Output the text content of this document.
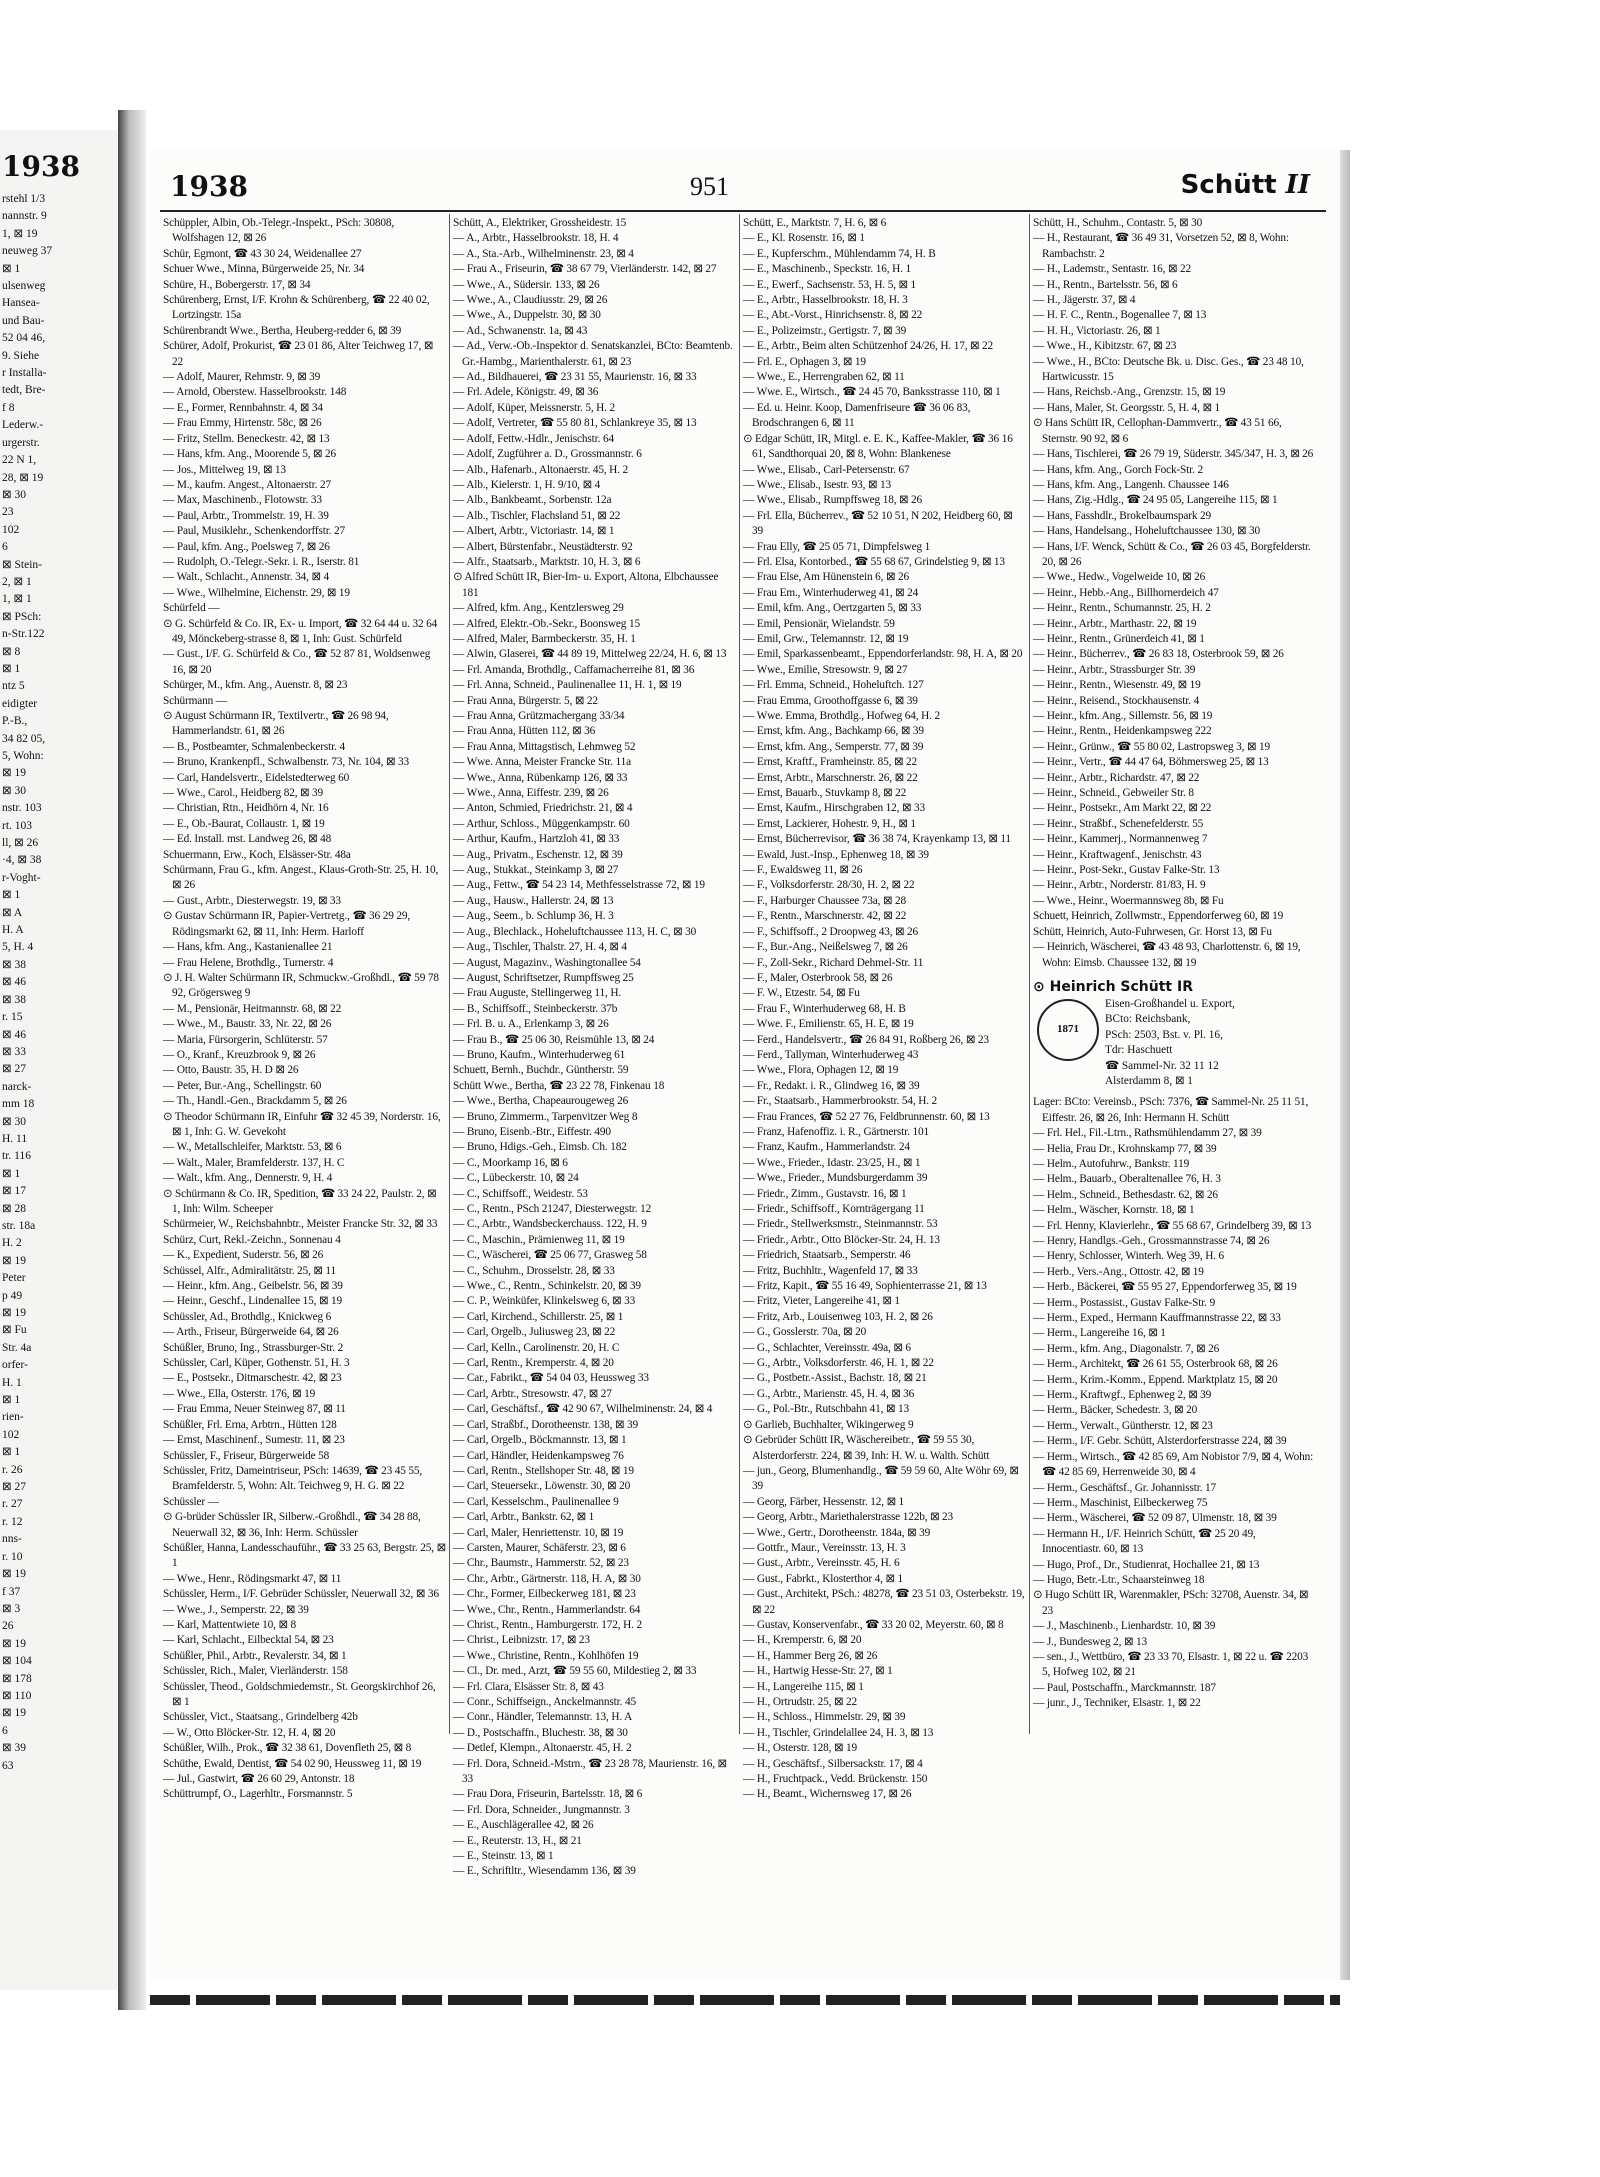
1938
rstehl 1/3
nannstr. 9
1, ⊠ 19
neuweg 37
⊠ 1
ulsenweg
Hansea-
und Bau-
52 04 46,
9. Siehe
r Installa-
tedt, Bre-
f 8
Lederw.-
urgerstr.
22 N 1,
28, ⊠ 19
⊠ 30
23
102
6
⊠ Stein-
2, ⊠ 1
1, ⊠ 1
⊠ PSch:
n-Str.122
⊠ 8
⊠ 1
ntz 5
eidigter
P.-B.,
34 82 05,
5, Wohn:
⊠ 19
⊠ 30
nstr. 103
rt. 103
ll, ⊠ 26
·4, ⊠ 38
r-Voght-
⊠ 1
⊠ A
H. A
5, H. 4
⊠ 38
⊠ 46
⊠ 38
r. 15
⊠ 46
⊠ 33
⊠ 27
narck-
mm 18
⊠ 30
H. 11
tr. 116
⊠ 1
⊠ 17
⊠ 28
str. 18a
H. 2
⊠ 19
Peter
p 49
⊠ 19
⊠ Fu
Str. 4a
orfer-
H. 1
⊠ 1
rien-
102
⊠ 1
r. 26
⊠ 27
r. 27
r. 12
nns-
r. 10
⊠ 19
f 37
⊠ 3
26
⊠ 19
⊠ 104
⊠ 178
⊠ 110
⊠ 19
6
⊠ 39
63
1938	951	Schütt II
Schüppler, Albin, Ob.-Telegr.-Inspekt., PSch: 30808, Wolfshagen 12, ⊠ 26
Schür, Egmont, ☎ 43 30 24, Weidenallee 27
Schuer Wwe., Minna, Bürgerweide 25, Nr. 34
Schüre, H., Bobergerstr. 17, ⊠ 34
Schürenberg, Ernst, I/F. Krohn & Schürenberg, ☎ 22 40 02, Lortzingstr. 15a
Schürenbrandt Wwe., Bertha, Heuberg-redder 6, ⊠ 39
Schürer, Adolf, Prokurist, ☎ 23 01 86, Alter Teichweg 17, ⊠ 22
— Adolf, Maurer, Rehmstr. 9, ⊠ 39
— Arnold, Oberstew. Hasselbrookstr. 148
— E., Former, Rennbahnstr. 4, ⊠ 34
— Frau Emmy, Hirtenstr. 58c, ⊠ 26
— Fritz, Stellm. Beneckestr. 42, ⊠ 13
— Hans, kfm. Ang., Moorende 5, ⊠ 26
— Jos., Mittelweg 19, ⊠ 13
— M., kaufm. Angest., Altonaerstr. 27
— Max, Maschinenb., Flotowstr. 33
— Paul, Arbtr., Trommelstr. 19, H. 39
— Paul, Musiklehr., Schenkendorffstr. 27
— Paul, kfm. Ang., Poelsweg 7, ⊠ 26
— Rudolph, O.-Telegr.-Sekr. i. R., Iserstr. 81
— Walt., Schlacht., Annenstr. 34, ⊠ 4
— Wwe., Wilhelmine, Eichenstr. 29, ⊠ 19
Schürfeld —
⊙ G. Schürfeld & Co. IR, Ex- u. Import, ☎ 32 64 44 u. 32 64 49, Mönckeberg-strasse 8, ⊠ 1, Inh: Gust. Schürfeld
— Gust., I/F. G. Schürfeld & Co., ☎ 52 87 81, Woldsenweg 16, ⊠ 20
Schürger, M., kfm. Ang., Auenstr. 8, ⊠ 23
Schürmann —
⊙ August Schürmann IR, Textilvertr., ☎ 26 98 94, Hammerlandstr. 61, ⊠ 26
— B., Postbeamter, Schmalenbeckerstr. 4
— Bruno, Krankenpfl., Schwalbenstr. 73, Nr. 104, ⊠ 33
— Carl, Handelsvertr., Eidelstedterweg 60
— Wwe., Carol., Heidberg 82, ⊠ 39
— Christian, Rtn., Heidhörn 4, Nr. 16
— E., Ob.-Baurat, Collaustr. 1, ⊠ 19
— Ed. Install. mst. Landweg 26, ⊠ 48
Schuermann, Erw., Koch, Elsässer-Str. 48a
Schürmann, Frau G., kfm. Angest., Klaus-Groth-Str. 25, H. 10, ⊠ 26
— Gust., Arbtr., Diesterwegstr. 19, ⊠ 33
⊙ Gustav Schürmann IR, Papier-Vertretg., ☎ 36 29 29, Rödingsmarkt 62, ⊠ 11, Inh: Herm. Harloff
— Hans, kfm. Ang., Kastanienallee 21
— Frau Helene, Brothdlg., Turnerstr. 4
⊙ J. H. Walter Schürmann IR, Schmuckw.-Großhdl., ☎ 59 78 92, Grögersweg 9
— M., Pensionär, Heitmannstr. 68, ⊠ 22
— Wwe., M., Baustr. 33, Nr. 22, ⊠ 26
— Maria, Fürsorgerin, Schlüterstr. 57
— O., Kranf., Kreuzbrook 9, ⊠ 26
— Otto, Baustr. 35, H. D ⊠ 26
— Peter, Bur.-Ang., Schellingstr. 60
— Th., Handl.-Gen., Brackdamm 5, ⊠ 26
⊙ Theodor Schürmann IR, Einfuhr ☎ 32 45 39, Norderstr. 16, ⊠ 1, Inh: G. W. Gevekoht
— W., Metallschleifer, Marktstr. 53, ⊠ 6
— Walt., Maler, Bramfelderstr. 137, H. C
— Walt., kfm. Ang., Dennerstr. 9, H. 4
⊙ Schürmann & Co. IR, Spedition, ☎ 33 24 22, Paulstr. 2, ⊠ 1, Inh: Wilm. Scheeper
Schürmeier, W., Reichsbahnbtr., Meister Francke Str. 32, ⊠ 33
Schürz, Curt, Rekl.-Zeichn., Sonnenau 4
— K., Expedient, Suderstr. 56, ⊠ 26
Schüssel, Alfr., Admiralitätstr. 25, ⊠ 11
— Heinr., kfm. Ang., Geibelstr. 56, ⊠ 39
— Heinr., Geschf., Lindenallee 15, ⊠ 19
Schüssler, Ad., Brothdlg., Knickweg 6
— Arth., Friseur, Bürgerweide 64, ⊠ 26
Schüßler, Bruno, Ing., Strassburger-Str. 2
Schüssler, Carl, Küper, Gothenstr. 51, H. 3
— E., Postsekr., Ditmarschestr. 42, ⊠ 23
— Wwe., Ella, Osterstr. 176, ⊠ 19
— Frau Emma, Neuer Steinweg 87, ⊠ 11
Schüßler, Frl. Erna, Arbtrn., Hütten 128
— Ernst, Maschinenf., Sumestr. 11, ⊠ 23
Schüssler, F., Friseur, Bürgerweide 58
Schüssler, Fritz, Dameintriseur, PSch: 14639, ☎ 23 45 55, Bramfelderstr. 5, Wohn: Alt. Teichweg 9, H. G. ⊠ 22
Schüssler —
⊙ G-brüder Schüssler IR, Silberw.-Großhdl., ☎ 34 28 88, Neuerwall 32, ⊠ 36, Inh: Herm. Schüssler
Schüßler, Hanna, Landesschauführ., ☎ 33 25 63, Bergstr. 25, ⊠ 1
— Wwe., Henr., Rödingsmarkt 47, ⊠ 11
Schüssler, Herm., I/F. Gebrüder Schüssler, Neuerwall 32, ⊠ 36
— Wwe., J., Semperstr. 22, ⊠ 39
— Karl, Mattentwiete 10, ⊠ 8
— Karl, Schlacht., Eilbecktal 54, ⊠ 23
Schüßler, Phil., Arbtr., Revalerstr. 34, ⊠ 1
Schüssler, Rich., Maler, Vierländerstr. 158
Schüssler, Theod., Goldschmiedemstr., St. Georgskirchhof 26, ⊠ 1
Schüssler, Vict., Staatsang., Grindelberg 42b
— W., Otto Blöcker-Str. 12, H. 4, ⊠ 20
Schüßler, Wilh., Prok., ☎ 32 38 61, Dovenfleth 25, ⊠ 8
Schüthe, Ewald, Dentist, ☎ 54 02 90, Heussweg 11, ⊠ 19
— Jul., Gastwirt, ☎ 26 60 29, Antonstr. 18
Schüttrumpf, O., Lagerhltr., Forsmannstr. 5
Schütt, A., Elektriker, Grossheidestr. 15
— A., Arbtr., Hasselbrookstr. 18, H. 4
— A., Sta.-Arb., Wilhelminenstr. 23, ⊠ 4
— Frau A., Friseurin, ☎ 38 67 79, Vierländerstr. 142, ⊠ 27
— Wwe., A., Südersir. 133, ⊠ 26
— Wwe., A., Claudiusstr. 29, ⊠ 26
— Wwe., A., Duppelstr. 30, ⊠ 30
— Ad., Schwanenstr. 1a, ⊠ 43
— Ad., Verw.-Ob.-Inspektor d. Senatskanzlei, BCto: Beamtenb. Gr.-Hambg., Marienthalerstr. 61, ⊠ 23
— Ad., Bildhauerei, ☎ 23 31 55, Maurienstr. 16, ⊠ 33
— Frl. Adele, Königstr. 49, ⊠ 36
— Adolf, Küper, Meissnerstr. 5, H. 2
— Adolf, Vertreter, ☎ 55 80 81, Schlankreye 35, ⊠ 13
— Adolf, Fettw.-Hdlr., Jenischstr. 64
— Adolf, Zugführer a. D., Grossmannstr. 6
— Alb., Hafenarb., Altonaerstr. 45, H. 2
— Alb., Kielerstr. 1, H. 9/10, ⊠ 4
— Alb., Bankbeamt., Sorbenstr. 12a
— Alb., Tischler, Flachsland 51, ⊠ 22
— Albert, Arbtr., Victoriastr. 14, ⊠ 1
— Albert, Bürstenfabr., Neustädterstr. 92
— Alfr., Staatsarb., Marktstr. 10, H. 3, ⊠ 6
⊙ Alfred Schütt IR, Bier-Im- u. Export, Altona, Elbchaussee 181
— Alfred, kfm. Ang., Kentzlersweg 29
— Alfred, Elektr.-Ob.-Sekr., Boonsweg 15
— Alfred, Maler, Barmbeckerstr. 35, H. 1
— Alwin, Glaserei, ☎ 44 89 19, Mittelweg 22/24, H. 6, ⊠ 13
— Frl. Amanda, Brothdlg., Caffamacherreihe 81, ⊠ 36
— Frl. Anna, Schneid., Paulinenallee 11, H. 1, ⊠ 19
— Frau Anna, Bürgerstr. 5, ⊠ 22
— Frau Anna, Grützmachergang 33/34
— Frau Anna, Hütten 112, ⊠ 36
— Frau Anna, Mittagstisch, Lehmweg 52
— Wwe. Anna, Meister Francke Str. 11a
— Wwe., Anna, Rübenkamp 126, ⊠ 33
— Wwe., Anna, Eiffestr. 239, ⊠ 26
— Anton, Schmied, Friedrichstr. 21, ⊠ 4
— Arthur, Schloss., Müggenkampstr. 60
— Arthur, Kaufm., Hartzloh 41, ⊠ 33
— Aug., Privatm., Eschenstr. 12, ⊠ 39
— Aug., Stukkat., Steinkamp 3, ⊠ 27
— Aug., Fettw., ☎ 54 23 14, Methfesselstrasse 72, ⊠ 19
— Aug., Hausw., Hallerstr. 24, ⊠ 13
— Aug., Seem., b. Schlump 36, H. 3
— Aug., Blechlack., Hoheluftchaussee 113, H. C, ⊠ 30
— Aug., Tischler, Thalstr. 27, H. 4, ⊠ 4
— August, Magazinv., Washingtonallee 54
— August, Schriftsetzer, Rumpffsweg 25
— Frau Auguste, Stellingerweg 11, H.
— B., Schiffsoff., Steinbeckerstr. 37b
— Frl. B. u. A., Erlenkamp 3, ⊠ 26
— Frau B., ☎ 25 06 30, Reismühle 13, ⊠ 24
— Bruno, Kaufm., Winterhuderweg 61
Schuett, Bernh., Buchdr., Güntherstr. 59
Schütt Wwe., Bertha, ☎ 23 22 78, Finkenau 18
— Wwe., Bertha, Chapeaurougeweg 26
— Bruno, Zimmerm., Tarpenvitzer Weg 8
— Bruno, Eisenb.-Btr., Eiffestr. 490
— Bruno, Hdigs.-Geh., Eimsb. Ch. 182
— C., Moorkamp 16, ⊠ 6
— C., Lübeckerstr. 10, ⊠ 24
— C., Schiffsoff., Weidestr. 53
— C., Rentn., PSch 21247, Diesterwegstr. 12
— C., Arbtr., Wandsbeckerchauss. 122, H. 9
— C., Maschin., Prämienweg 11, ⊠ 19
— C., Wäscherei, ☎ 25 06 77, Grasweg 58
— C., Schuhm., Drosselstr. 28, ⊠ 33
— Wwe., C., Rentn., Schinkelstr. 20, ⊠ 39
— C. P., Weinküfer, Klinkelsweg 6, ⊠ 33
— Carl, Kirchend., Schillerstr. 25, ⊠ 1
— Carl, Orgelb., Juliusweg 23, ⊠ 22
— Carl, Kelln., Carolinenstr. 20, H. C
— Carl, Rentn., Kremperstr. 4, ⊠ 20
— Car., Fabrikt., ☎ 54 04 03, Heussweg 33
— Carl, Arbtr., Stresowstr. 47, ⊠ 27
— Carl, Geschäftsf., ☎ 42 90 67, Wilhelminenstr. 24, ⊠ 4
— Carl, Straßbf., Dorotheenstr. 138, ⊠ 39
— Carl, Orgelb., Böckmannstr. 13, ⊠ 1
— Carl, Händler, Heidenkampsweg 76
— Carl, Rentn., Stellshoper Str. 48, ⊠ 19
— Carl, Steuersekr., Löwenstr. 30, ⊠ 20
— Carl, Kesselschm., Paulinenallee 9
— Carl, Arbtr., Bankstr. 62, ⊠ 1
— Carl, Maler, Henriettenstr. 10, ⊠ 19
— Carsten, Maurer, Schäferstr. 23, ⊠ 6
— Chr., Baumstr., Hammerstr. 52, ⊠ 23
— Chr., Arbtr., Gärtnerstr. 118, H. A, ⊠ 30
— Chr., Former, Eilbeckerweg 181, ⊠ 23
— Wwe., Chr., Rentn., Hammerlandstr. 64
— Christ., Rentn., Hamburgerstr. 172, H. 2
— Christ., Leibnizstr. 17, ⊠ 23
— Wwe., Christine, Rentn., Kohlhöfen 19
— Cl., Dr. med., Arzt, ☎ 59 55 60, Mildestieg 2, ⊠ 33
— Frl. Clara, Elsässer Str. 8, ⊠ 43
— Conr., Schiffseign., Anckelmannstr. 45
— Conr., Händler, Telemannstr. 13, H. A
— D., Postschaffn., Bluchestr. 38, ⊠ 30
— Detlef, Klempn., Altonaerstr. 45, H. 2
— Frl. Dora, Schneid.-Mstrn., ☎ 23 28 78, Maurienstr. 16, ⊠ 33
— Frau Dora, Friseurin, Bartelsstr. 18, ⊠ 6
— Frl. Dora, Schneider., Jungmannstr. 3
— E., Auschlägerallee 42, ⊠ 26
— E., Reuterstr. 13, H., ⊠ 21
— E., Steinstr. 13, ⊠ 1
— E., Schriftltr., Wiesendamm 136, ⊠ 39
Schütt, E., Marktstr. 7, H. 6, ⊠ 6
— E., Kl. Rosenstr. 16, ⊠ 1
— E., Kupferschm., Mühlendamm 74, H. B
— E., Maschinenb., Speckstr. 16, H. 1
— E., Ewerf., Sachsenstr. 53, H. 5, ⊠ 1
— E., Arbtr., Hasselbrookstr. 18, H. 3
— E., Abt.-Vorst., Hinrichsenstr. 8, ⊠ 22
— E., Polizeimstr., Gertigstr. 7, ⊠ 39
— E., Arbtr., Beim alten Schützenhof 24/26, H. 17, ⊠ 22
— Frl. E., Ophagen 3, ⊠ 19
— Wwe., E., Herrengraben 62, ⊠ 11
— Wwe. E., Wirtsch., ☎ 24 45 70, Banksstrasse 110, ⊠ 1
— Ed. u. Heinr. Koop, Damenfriseure ☎ 36 06 83, Brodschrangen 6, ⊠ 11
⊙ Edgar Schütt, IR, Mitgl. e. E. K., Kaffee-Makler, ☎ 36 16 61, Sandthorquai 20, ⊠ 8, Wohn: Blankenese
— Wwe., Elisab., Carl-Petersenstr. 67
— Wwe., Elisab., Isestr. 93, ⊠ 13
— Wwe., Elisab., Rumpffsweg 18, ⊠ 26
— Frl. Ella, Bücherrev., ☎ 52 10 51, N 202, Heidberg 60, ⊠ 39
— Frau Elly, ☎ 25 05 71, Dimpfelsweg 1
— Frl. Elsa, Kontorbed., ☎ 55 68 67, Grindelstieg 9, ⊠ 13
— Frau Else, Am Hünenstein 6, ⊠ 26
— Frau Em., Winterhuderweg 41, ⊠ 24
— Emil, kfm. Ang., Oertzgarten 5, ⊠ 33
— Emil, Pensionär, Wielandstr. 59
— Emil, Grw., Telemannstr. 12, ⊠ 19
— Emil, Sparkassenbeamt., Eppendorferlandstr. 98, H. A, ⊠ 20
— Wwe., Emilie, Stresowstr. 9, ⊠ 27
— Frl. Emma, Schneid., Hoheluftch. 127
— Frau Emma, Groothoffgasse 6, ⊠ 39
— Wwe. Emma, Brothdlg., Hofweg 64, H. 2
— Ernst, kfm. Ang., Bachkamp 66, ⊠ 39
— Ernst, kfm. Ang., Semperstr. 77, ⊠ 39
— Ernst, Kraftf., Framheinstr. 85, ⊠ 22
— Ernst, Arbtr., Marschnerstr. 26, ⊠ 22
— Ernst, Bauarb., Stuvkamp 8, ⊠ 22
— Ernst, Kaufm., Hirschgraben 12, ⊠ 33
— Ernst, Lackierer, Hohestr. 9, H., ⊠ 1
— Ernst, Bücherrevisor, ☎ 36 38 74, Krayenkamp 13, ⊠ 11
— Ewald, Just.-Insp., Ephenweg 18, ⊠ 39
— F., Ewaldsweg 11, ⊠ 26
— F., Volksdorferstr. 28/30, H. 2, ⊠ 22
— F., Harburger Chaussee 73a, ⊠ 28
— F., Rentn., Marschnerstr. 42, ⊠ 22
— F., Schiffsoff., 2 Droopweg 43, ⊠ 26
— F., Bur.-Ang., Neißelsweg 7, ⊠ 26
— F., Zoll-Sekr., Richard Dehmel-Str. 11
— F., Maler, Osterbrook 58, ⊠ 26
— F. W., Etzestr. 54, ⊠ Fu
— Frau F., Winterhuderweg 68, H. B
— Wwe. F., Emilienstr. 65, H. E, ⊠ 19
— Ferd., Handelsvertr., ☎ 26 84 91, Roßberg 26, ⊠ 23
— Ferd., Tallyman, Winterhuderweg 43
— Wwe., Flora, Ophagen 12, ⊠ 19
— Fr., Redakt. i. R., Glindweg 16, ⊠ 39
— Fr., Staatsarb., Hammerbrookstr. 54, H. 2
— Frau Frances, ☎ 52 27 76, Feldbrunnenstr. 60, ⊠ 13
— Franz, Hafenoffiz. i. R., Gärtnerstr. 101
— Franz, Kaufm., Hammerlandstr. 24
— Wwe., Frieder., Idastr. 23/25, H., ⊠ 1
— Wwe., Frieder., Mundsburgerdamm 39
— Friedr., Zimm., Gustavstr. 16, ⊠ 1
— Friedr., Schiffsoff., Kornträgergang 11
— Friedr., Stellwerksmstr., Steinmannstr. 53
— Friedr., Arbtr., Otto Blöcker-Str. 24, H. 13
— Friedrich, Staatsarb., Semperstr. 46
— Fritz, Buchhltr., Wagenfeld 17, ⊠ 33
— Fritz, Kapit., ☎ 55 16 49, Sophienterrasse 21, ⊠ 13
— Fritz, Vieter, Langereihe 41, ⊠ 1
— Fritz, Arb., Louisenweg 103, H. 2, ⊠ 26
— G., Gosslerstr. 70a, ⊠ 20
— G., Schlachter, Vereinsstr. 49a, ⊠ 6
— G., Arbtr., Volksdorferstr. 46, H. 1, ⊠ 22
— G., Postbetr.-Assist., Bachstr. 18, ⊠ 21
— G., Arbtr., Marienstr. 45, H. 4, ⊠ 36
— G., Pol.-Btr., Rutschbahn 41, ⊠ 13
⊙ Garlieb, Buchhalter, Wikingerweg 9
⊙ Gebrüder Schütt IR, Wäschereibetr., ☎ 59 55 30, Alsterdorferstr. 224, ⊠ 39, Inh: H. W. u. Walth. Schütt
— jun., Georg, Blumenhandlg., ☎ 59 59 60, Alte Wöhr 69, ⊠ 39
— Georg, Färber, Hessenstr. 12, ⊠ 1
— Georg, Arbtr., Mariethalerstrasse 122b, ⊠ 23
— Wwe., Gertr., Dorotheenstr. 184a, ⊠ 39
— Gottfr., Maur., Vereinsstr. 13, H. 3
— Gust., Arbtr., Vereinsstr. 45, H. 6
— Gust., Fabrkt., Klosterthor 4, ⊠ 1
— Gust., Architekt, PSch.: 48278, ☎ 23 51 03, Osterbekstr. 19, ⊠ 22
— Gustav, Konservenfabr., ☎ 33 20 02, Meyerstr. 60, ⊠ 8
— H., Kremperstr. 6, ⊠ 20
— H., Hammer Berg 26, ⊠ 26
— H., Hartwig Hesse-Str. 27, ⊠ 1
— H., Langereihe 115, ⊠ 1
— H., Ortrudstr. 25, ⊠ 22
— H., Schloss., Himmelstr. 29, ⊠ 39
— H., Tischler, Grindelallee 24, H. 3, ⊠ 13
— H., Osterstr. 128, ⊠ 19
— H., Geschäftsf., Silbersackstr. 17, ⊠ 4
— H., Fruchtpack., Vedd. Brückenstr. 150
— H., Beamt., Wichernsweg 17, ⊠ 26
Schütt, H., Schuhm., Contastr. 5, ⊠ 30
— H., Restaurant, ☎ 36 49 31, Vorsetzen 52, ⊠ 8, Wohn: Rambachstr. 2
— H., Lademstr., Sentastr. 16, ⊠ 22
— H., Rentn., Bartelsstr. 56, ⊠ 6
— H., Jägerstr. 37, ⊠ 4
— H. F. C., Rentn., Bogenallee 7, ⊠ 13
— H. H., Victoriastr. 26, ⊠ 1
— Wwe., H., Kibitzstr. 67, ⊠ 23
— Wwe., H., BCto: Deutsche Bk. u. Disc. Ges., ☎ 23 48 10, Hartwicusstr. 15
— Hans, Reichsb.-Ang., Grenzstr. 15, ⊠ 19
— Hans, Maler, St. Georgsstr. 5, H. 4, ⊠ 1
⊙ Hans Schütt IR, Cellophan-Dammvertr., ☎ 43 51 66, Sternstr. 90 92, ⊠ 6
— Hans, Tischlerei, ☎ 26 79 19, Süderstr. 345/347, H. 3, ⊠ 26
— Hans, kfm. Ang., Gorch Fock-Str. 2
— Hans, kfm. Ang., Langenh. Chaussee 146
— Hans, Zig.-Hdlg., ☎ 24 95 05, Langereihe 115, ⊠ 1
— Hans, Fasshdlr., Brokelbaumspark 29
— Hans, Handelsang., Hoheluftchaussee 130, ⊠ 30
— Hans, I/F. Wenck, Schütt & Co., ☎ 26 03 45, Borgfelderstr. 20, ⊠ 26
— Wwe., Hedw., Vogelweide 10, ⊠ 26
— Heinr., Hebb.-Ang., Billhornerdeich 47
— Heinr., Rentn., Schumannstr. 25, H. 2
— Heinr., Arbtr., Marthastr. 22, ⊠ 19
— Heinr., Rentn., Grünerdeich 41, ⊠ 1
— Heinr., Bücherrev., ☎ 26 83 18, Osterbrook 59, ⊠ 26
— Heinr., Arbtr., Strassburger Str. 39
— Heinr., Rentn., Wiesenstr. 49, ⊠ 19
— Heinr., Reisend., Stockhausenstr. 4
— Heinr., kfm. Ang., Sillemstr. 56, ⊠ 19
— Heinr., Rentn., Heidenkampsweg 222
— Heinr., Grünw., ☎ 55 80 02, Lastropsweg 3, ⊠ 19
— Heinr., Vertr., ☎ 44 47 64, Böhmersweg 25, ⊠ 13
— Heinr., Arbtr., Richardstr. 47, ⊠ 22
— Heinr., Schneid., Gebweiler Str. 8
— Heinr., Postsekr., Am Markt 22, ⊠ 22
— Heinr., Straßbf., Schenefelderstr. 55
— Heinr., Kammerj., Normannenweg 7
— Heinr., Kraftwagenf., Jenischstr. 43
— Heinr., Post-Sekr., Gustav Falke-Str. 13
— Heinr., Arbtr., Norderstr. 81/83, H. 9
— Wwe., Heinr., Woermannsweg 8b, ⊠ Fu
Schuett, Heinrich, Zollwmstr., Eppendorferweg 60, ⊠ 19
Schütt, Heinrich, Auto-Fuhrwesen, Gr. Horst 13, ⊠ Fu
— Heinrich, Wäscherei, ☎ 43 48 93, Charlottenstr. 6, ⊠ 19, Wohn: Eimsb. Chaussee 132, ⊠ 19
⊙ Heinrich Schütt IR
1871
Eisen-Großhandel u. Export,
BCto: Reichsbank,
PSch: 2503, Bst. v. Pl. 16,
Tdr: Haschuett
☎ Sammel-Nr. 32 11 12
Alsterdamm 8, ⊠ 1
Lager: BCto: Vereinsb., PSch: 7376, ☎ Sammel-Nr. 25 11 51, Eiffestr. 26, ⊠ 26, Inh: Hermann H. Schütt
— Frl. Hel., Fil.-Ltrn., Rathsmühlendamm 27, ⊠ 39
— Helia, Frau Dr., Krohnskamp 77, ⊠ 39
— Helm., Autofuhrw., Bankstr. 119
— Helm., Bauarb., Oberaltenallee 76, H. 3
— Helm., Schneid., Bethesdastr. 62, ⊠ 26
— Helm., Wäscher, Kornstr. 18, ⊠ 1
— Frl. Henny, Klavierlehr., ☎ 55 68 67, Grindelberg 39, ⊠ 13
— Henry, Handlgs.-Geh., Grossmannstrasse 74, ⊠ 26
— Henry, Schlosser, Winterh. Weg 39, H. 6
— Herb., Vers.-Ang., Ottostr. 42, ⊠ 19
— Herb., Bäckerei, ☎ 55 95 27, Eppendorferweg 35, ⊠ 19
— Herm., Postassist., Gustav Falke-Str. 9
— Herm., Exped., Hermann Kauffmannstrasse 22, ⊠ 33
— Herm., Langereihe 16, ⊠ 1
— Herm., kfm. Ang., Diagonalstr. 7, ⊠ 26
— Herm., Architekt, ☎ 26 61 55, Osterbrook 68, ⊠ 26
— Herm., Krim.-Komm., Eppend. Marktplatz 15, ⊠ 20
— Herm., Kraftwgf., Ephenweg 2, ⊠ 39
— Herm., Bäcker, Schedestr. 3, ⊠ 20
— Herm., Verwalt., Güntherstr. 12, ⊠ 23
— Herm., I/F. Gebr. Schütt, Alsterdorferstrasse 224, ⊠ 39
— Herm., Wirtsch., ☎ 42 85 69, Am Nobistor 7/9, ⊠ 4, Wohn: ☎ 42 85 69, Herrenweide 30, ⊠ 4
— Herm., Geschäftsf., Gr. Johannisstr. 17
— Herm., Maschinist, Eilbeckerweg 75
— Herm., Wäscherei, ☎ 52 09 87, Ulmenstr. 18, ⊠ 39
— Hermann H., I/F. Heinrich Schütt, ☎ 25 20 49, Innocentiastr. 60, ⊠ 13
— Hugo, Prof., Dr., Studienrat, Hochallee 21, ⊠ 13
— Hugo, Betr.-Ltr., Schaarsteinweg 18
⊙ Hugo Schütt IR, Warenmakler, PSch: 32708, Auenstr. 34, ⊠ 23
— J., Maschinenb., Lienhardstr. 10, ⊠ 39
— J., Bundesweg 2, ⊠ 13
— sen., J., Wettbüro, ☎ 23 33 70, Elsastr. 1, ⊠ 22 u. ☎ 2203 5, Hofweg 102, ⊠ 21
— Paul, Postschaffn., Marckmannstr. 187
— junr., J., Techniker, Elsastr. 1, ⊠ 22
